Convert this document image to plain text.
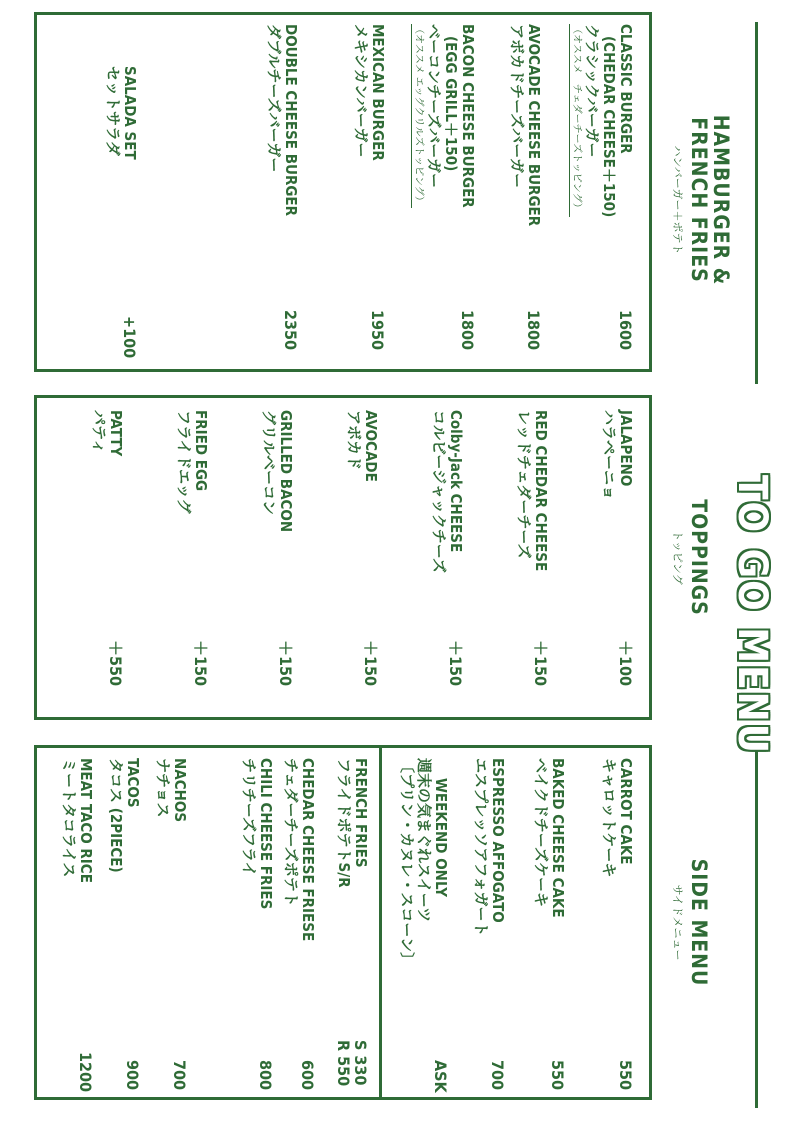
TO GO MENU
HAMBURGER &
FRENCH FRIES
ハンバーガー＋ポテト
CLASSIC BURGER
(CHEDAR CHEESE＋150)
クラシックバーガー
（オススメ　チェダーチーズトッピング）
1600
AVOCADE CHEESE BURGER
アボカドチーズバーガー
1800
BACON CHEESE BURGER
(EGG GRILL＋150)
ベーコンチーズバーガー
（オススメ エッグクリルズトッピング）
1800
MEXICAN BURGER
メキシカンバーガー
1950
DOUBLE CHEESE BURGER
ダブルチーズバーガー
2350
SALADA SET
セットサラダ
+100
TOPPINGS
トッピング
JALAPENO
ハラペーニョ
＋100
RED CHEDAR CHEESE
レッドチェダーチーズ
＋150
Colby-Jack CHEESE
コルビージャックチーズ
＋150
AVOCADE
アボカド
＋150
GRILLED BACON
グリルベーコン
＋150
FRIED EGG
フライドエッグ
＋150
PATTY
パティ
＋550
SIDE MENU
サイドメニュー
CARROT CAKE
キャロットケーキ
550
BAKED CHEESE CAKE
ベイクドチーズケーキ
550
ESPRESSO AFFOGATO
エスプレッソアフォガート
700
WEEKEND ONLY
週末の気まぐれスイーツ
〔プリン・カヌレ・スコーン〕
ASK
FRENCH FRIES
フライドポテトS/R
S 330
R 550
CHEDAR CHEESE FRIESE
チェダーチーズポテト
600
CHILI CHEESE FRIES
チリチーズフライ
800
NACHOS
ナチョス
700
TACOS
タコス (2PIECE)
900
MEAT TACO RICE
ミートタコライス
1200
